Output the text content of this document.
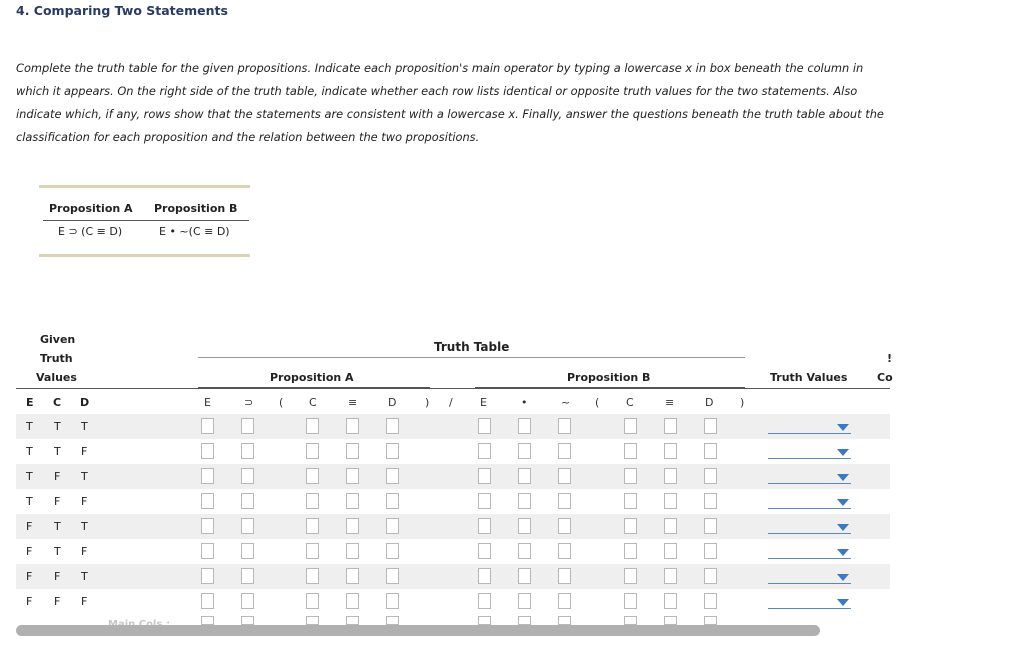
4. Comparing Two Statements
Complete the truth table for the given propositions. Indicate each proposition's main operator by typing a lowercase x in box beneath the column in which it appears. On the right side of the truth table, indicate whether each row lists identical or opposite truth values for the two statements. Also indicate which, if any, rows show that the statements are consistent with a lowercase x. Finally, answer the questions beneath the truth table about the classification for each proposition and the relation between the two propositions.
Proposition A Proposition B
E ⊃ (C ≡ D)	E • ~(C ≡ D)
Given
Truth
Values
Truth Table
Proposition A	Proposition B	Truth Values	Co
!
E C D	E	⊃ ( C	≡	D	) / E	•	~ ( C	≡	D )
T T T
T T F
T F T
T F F
F T T
F T F
F F T
F F F
